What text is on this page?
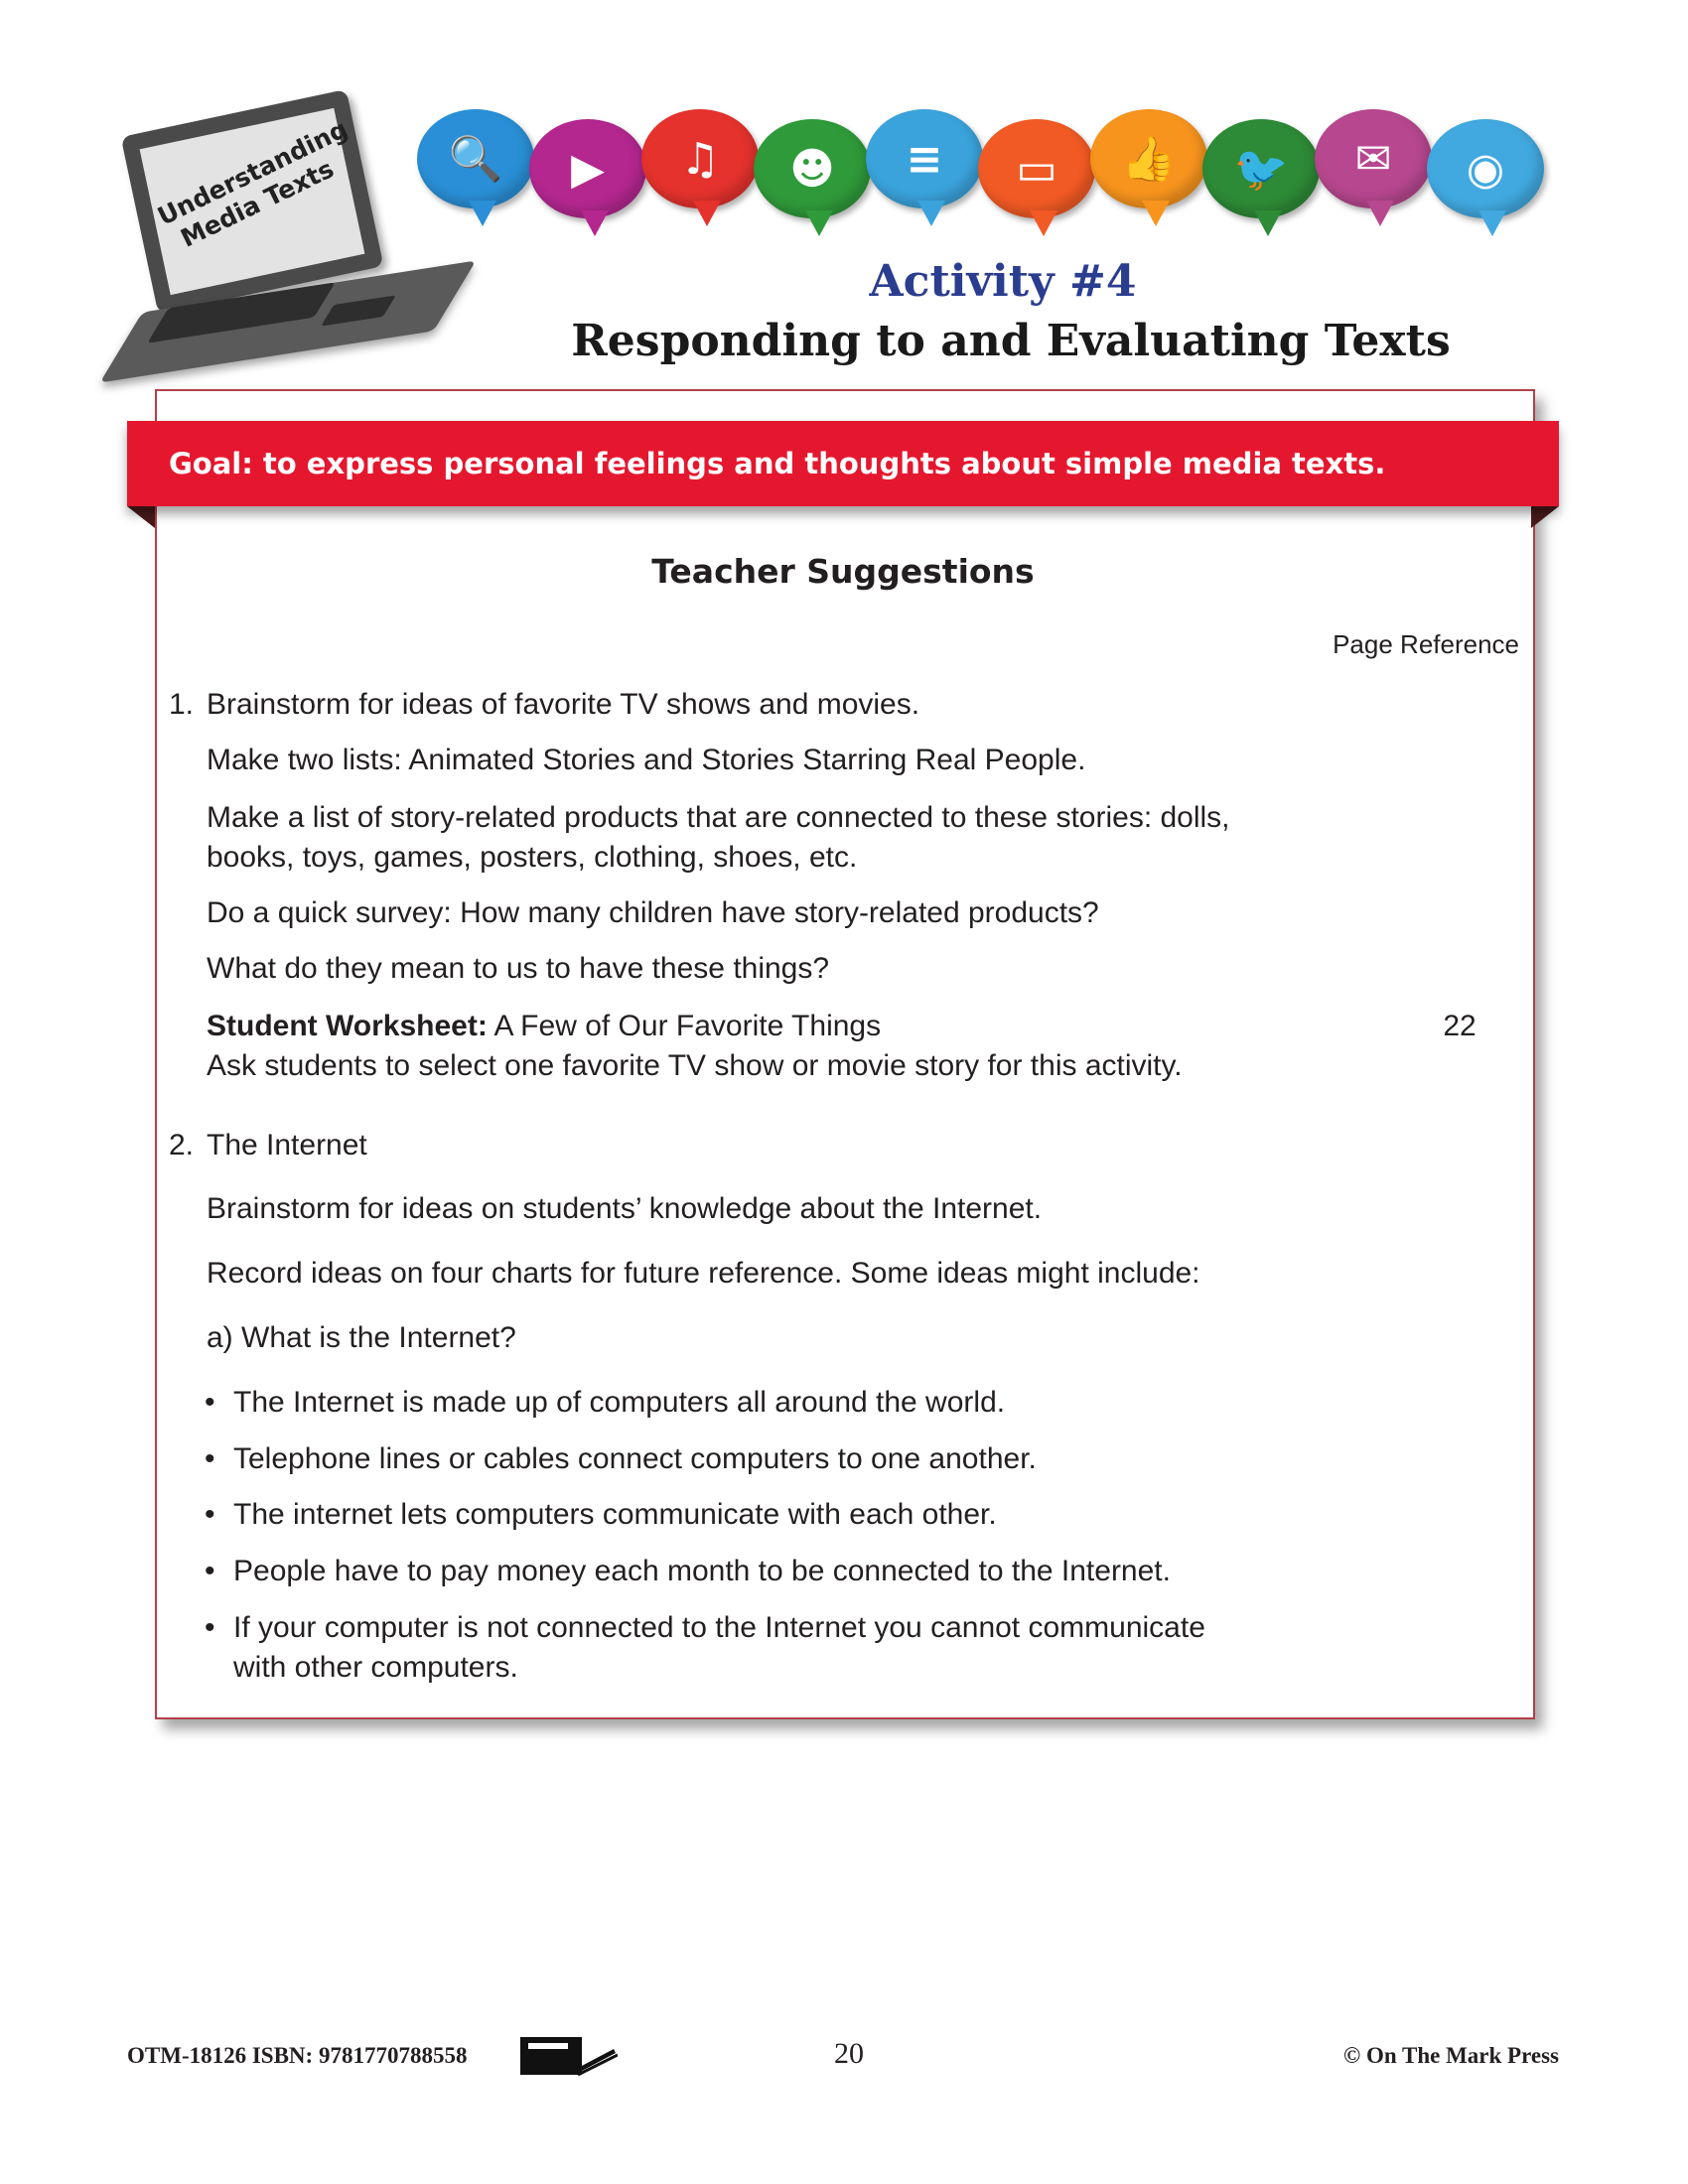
Understanding Media Texts	🔍	▶	♫	☻	≡	▭	👍	🐦	✉	◉
Activity #4
Responding to and Evaluating Texts
Goal: to express personal feelings and thoughts about simple media texts.
Teacher Suggestions
Page Reference
1. Brainstorm for ideas of favorite TV shows and movies.
Make two lists: Animated Stories and Stories Starring Real People.
Make a list of story-related products that are connected to these stories: dolls,
books, toys, games, posters, clothing, shoes, etc.
Do a quick survey: How many children have story-related products?
What do they mean to us to have these things?
Student Worksheet: A Few of Our Favorite Things	22
Ask students to select one favorite TV show or movie story for this activity.
2. The Internet
Brainstorm for ideas on students’ knowledge about the Internet.
Record ideas on four charts for future reference. Some ideas might include:
a) What is the Internet?
• The Internet is made up of computers all around the world.
• Telephone lines or cables connect computers to one another.
• The internet lets computers communicate with each other.
• People have to pay money each month to be connected to the Internet.
• If your computer is not connected to the Internet you cannot communicate
with other computers.
OTM-18126 ISBN: 9781770788558	20	© On The Mark Press
